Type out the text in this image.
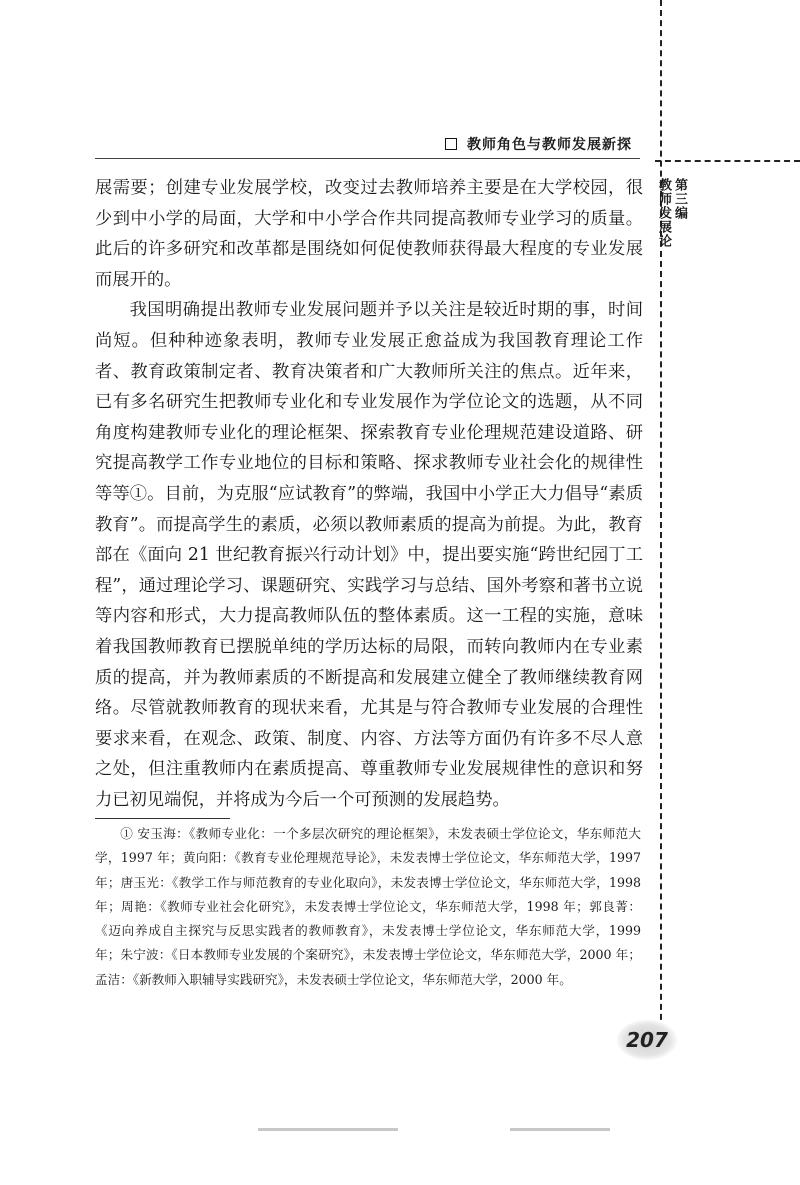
教师角色与教师发展新探
第三编
教师发展论

展需要；创建专业发展学校，改变过去教师培养主要是在大学校园，很少到中小学的局面，大学和中小学合作共同提高教师专业学习的质量。此后的许多研究和改革都是围绕如何促使教师获得最大程度的专业发展而展开的。

我国明确提出教师专业发展问题并予以关注是较近时期的事，时间尚短。但种种迹象表明，教师专业发展正愈益成为我国教育理论工作者、教育政策制定者、教育决策者和广大教师所关注的焦点。近年来，已有多名研究生把教师专业化和专业发展作为学位论文的选题，从不同角度构建教师专业化的理论框架、探索教育专业伦理规范建设道路、研究提高教学工作专业地位的目标和策略、探求教师专业社会化的规律性等等①。目前，为克服“应试教育”的弊端，我国中小学正大力倡导“素质教育”。而提高学生的素质，必须以教师素质的提高为前提。为此，教育部在《面向 21 世纪教育振兴行动计划》中，提出要实施“跨世纪园丁工程”，通过理论学习、课题研究、实践学习与总结、国外考察和著书立说等内容和形式，大力提高教师队伍的整体素质。这一工程的实施，意味着我国教师教育已摆脱单纯的学历达标的局限，而转向教师内在专业素质的提高，并为教师素质的不断提高和发展建立健全了教师继续教育网络。尽管就教师教育的现状来看，尤其是与符合教师专业发展的合理性要求来看，在观念、政策、制度、内容、方法等方面仍有许多不尽人意之处，但注重教师内在素质提高、尊重教师专业发展规律性的意识和努力已初见端倪，并将成为今后一个可预测的发展趋势。

① 安玉海：《教师专业化：一个多层次研究的理论框架》，未发表硕士学位论文，华东师范大学，1997 年；黄向阳：《教育专业伦理规范导论》，未发表博士学位论文，华东师范大学，1997 年；唐玉光：《教学工作与师范教育的专业化取向》，未发表博士学位论文，华东师范大学，1998 年；周艳：《教师专业社会化研究》，未发表博士学位论文，华东师范大学，1998 年；郭良菁：《迈向养成自主探究与反思实践者的教师教育》，未发表博士学位论文，华东师范大学，1999 年；朱宁波：《日本教师专业发展的个案研究》，未发表博士学位论文，华东师范大学，2000 年；孟洁：《新教师入职辅导实践研究》，未发表硕士学位论文，华东师范大学，2000 年。

207
